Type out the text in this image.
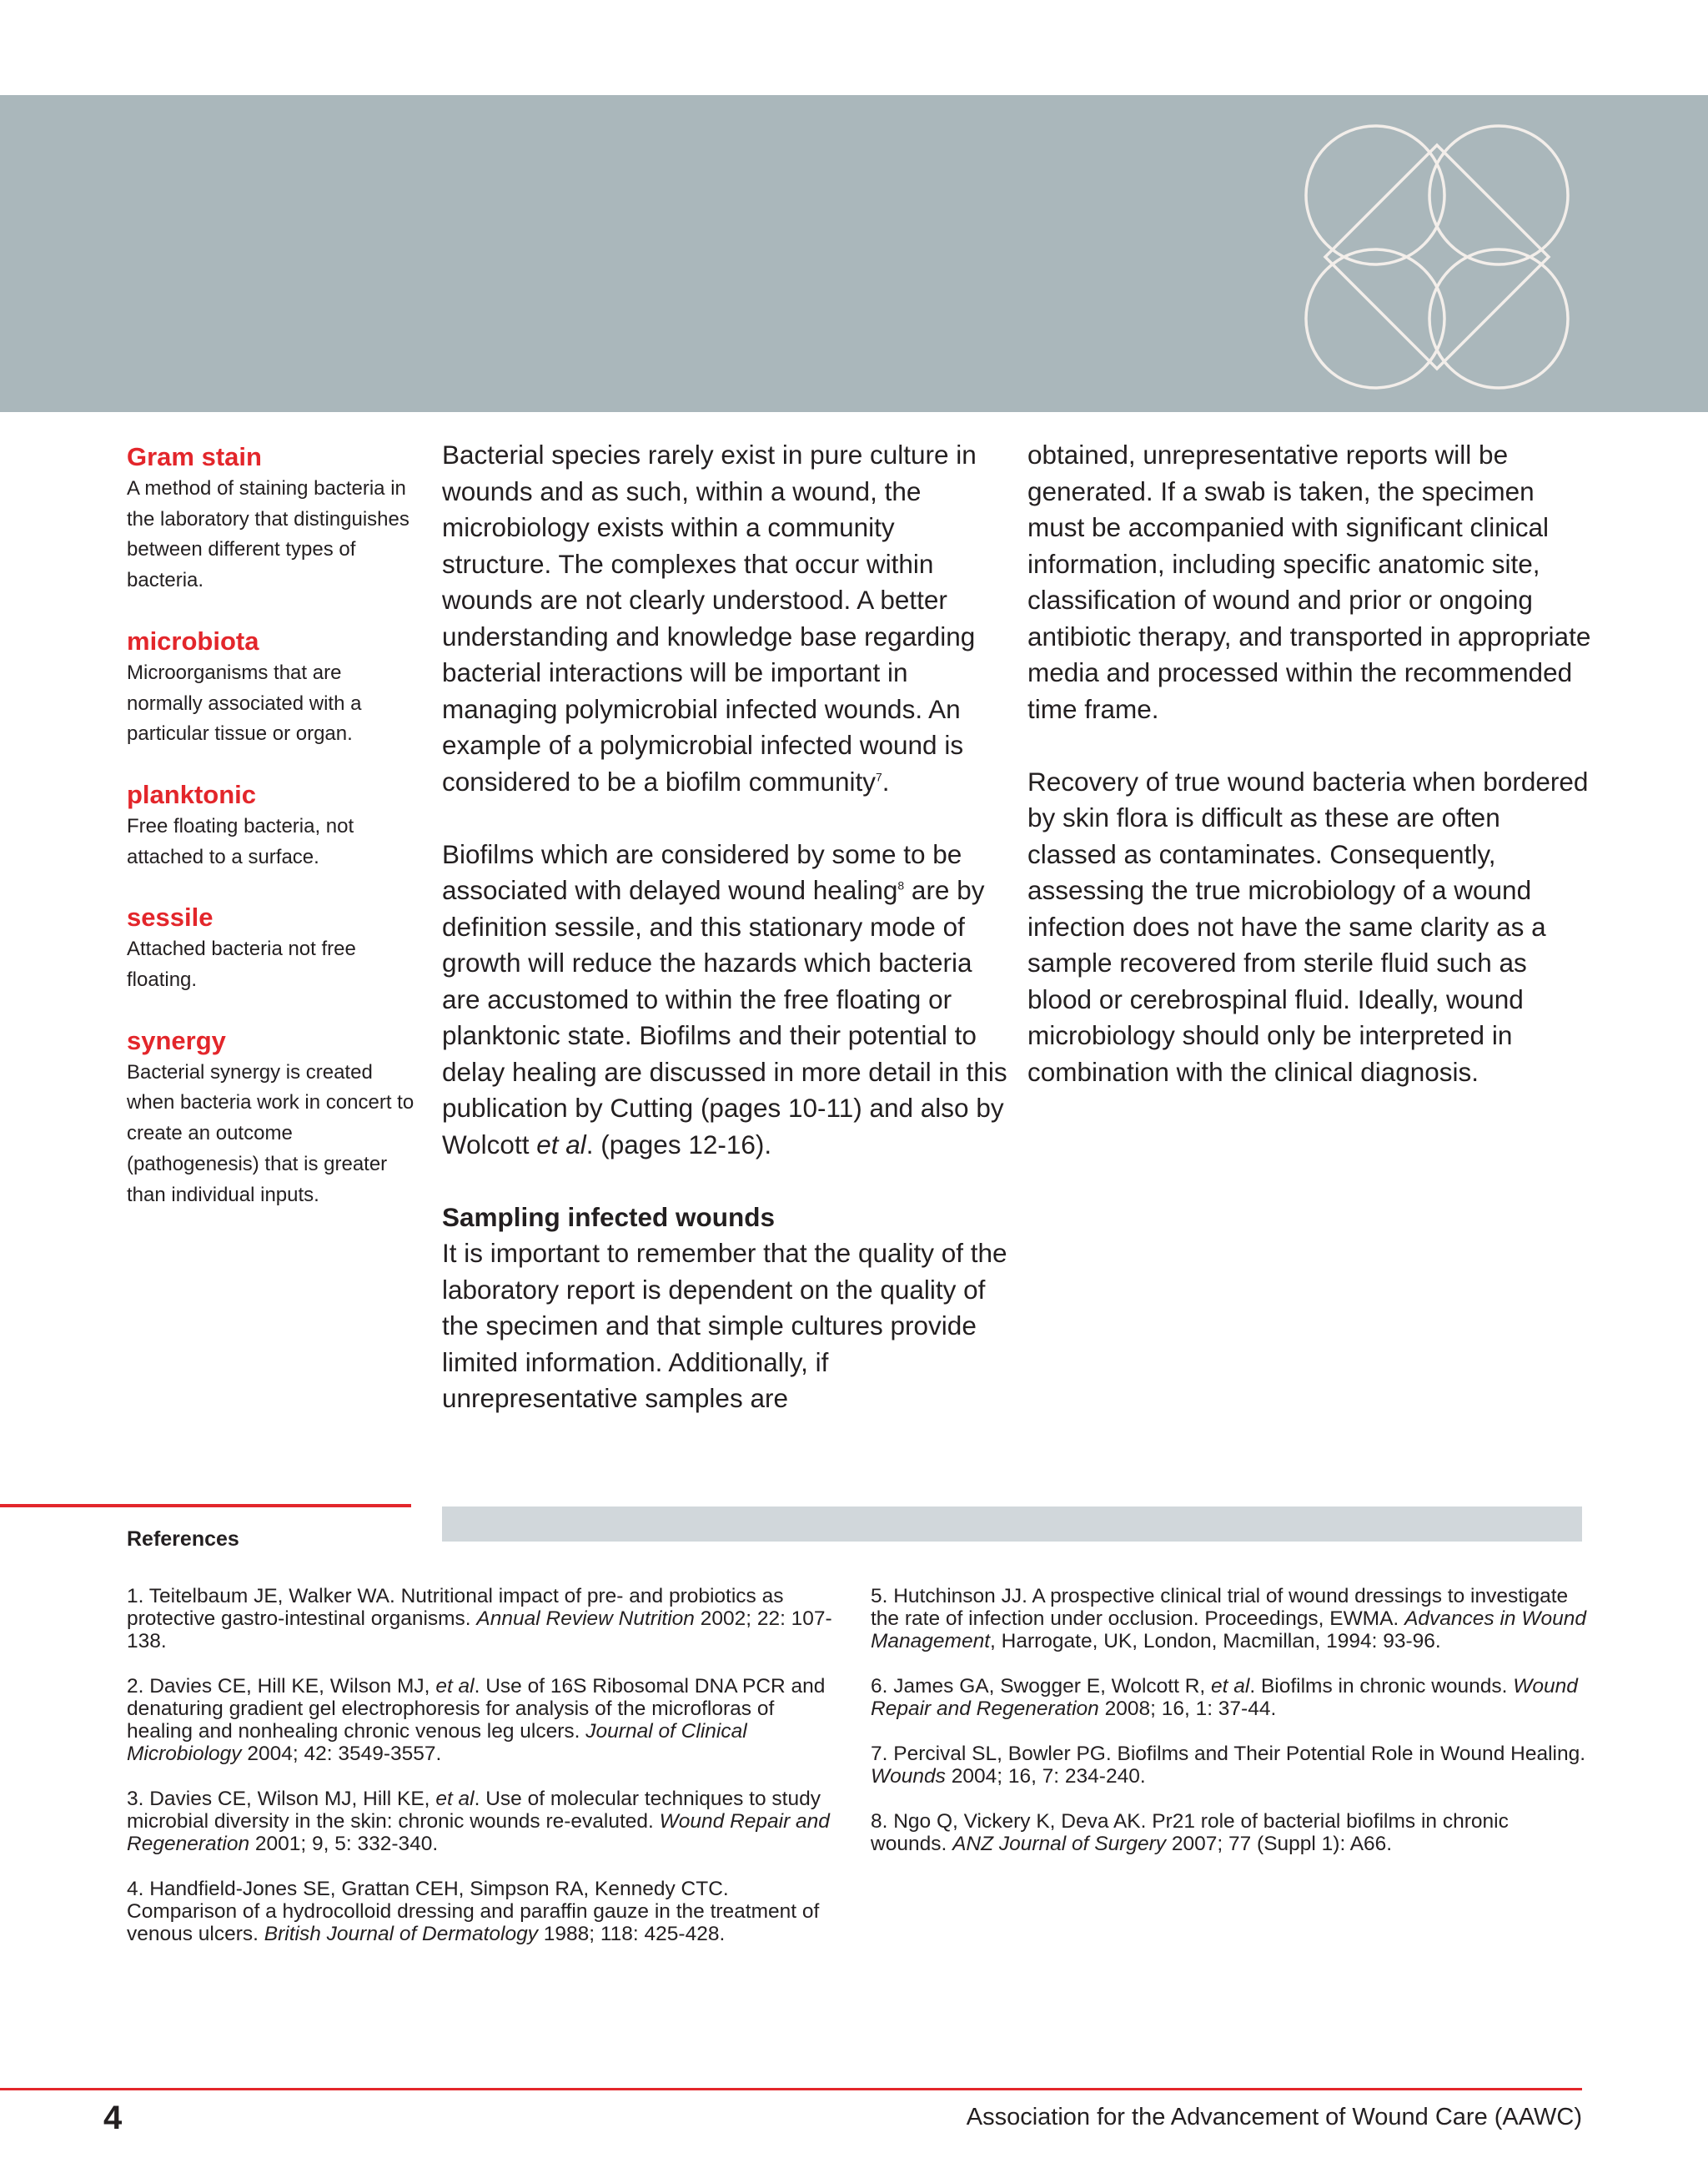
Gram stain

A method of staining bacteria in the laboratory that distinguishes between different types of bacteria.

microbiota

Microorganisms that are normally associated with a particular tissue or organ.

planktonic

Free floating bacteria, not attached to a surface.

sessile

Attached bacteria not free floating.

synergy

Bacterial synergy is created when bacteria work in concert to create an outcome (pathogenesis) that is greater than individual inputs.

Bacterial species rarely exist in pure culture in wounds and as such, within a wound, the microbiology exists within a community structure. The complexes that occur within wounds are not clearly understood. A better understanding and knowledge base regarding bacterial interactions will be important in managing polymicrobial infected wounds. An example of a polymicrobial infected wound is considered to be a biofilm community$^7$.

Biofilms which are considered by some to be associated with delayed wound healing$^8$ are by definition sessile, and this stationary mode of growth will reduce the hazards which bacteria are accustomed to within the free floating or planktonic state. Biofilms and their potential to delay healing are discussed in more detail in this publication by Cutting (pages 10-11) and also by Wolcott et al. (pages 12-16).

Sampling infected wounds

It is important to remember that the quality of the laboratory report is dependent on the quality of the specimen and that simple cultures provide limited information. Additionally, if unrepresentative samples are

obtained, unrepresentative reports will be generated. If a swab is taken, the specimen must be accompanied with significant clinical information, including specific anatomic site, classification of wound and prior or ongoing antibiotic therapy, and transported in appropriate media and processed within the recommended time frame.

Recovery of true wound bacteria when bordered by skin flora is difficult as these are often classed as contaminates. Consequently, assessing the true microbiology of a wound infection does not have the same clarity as a sample recovered from sterile fluid such as blood or cerebrospinal fluid. Ideally, wound microbiology should only be interpreted in combination with the clinical diagnosis.

References

1. Teitelbaum JE, Walker WA. Nutritional impact of pre- and probiotics as protective gastro-intestinal organisms. Annual Review Nutrition 2002; 22: 107-138.

2. Davies CE, Hill KE, Wilson MJ, et al. Use of 16S Ribosomal DNA PCR and denaturing gradient gel electrophoresis for analysis of the microfloras of healing and nonhealing chronic venous leg ulcers. Journal of Clinical Microbiology 2004; 42: 3549-3557.

3. Davies CE, Wilson MJ, Hill KE, et al. Use of molecular techniques to study microbial diversity in the skin: chronic wounds re-evaluted. Wound Repair and Regeneration 2001; 9, 5: 332-340.

4. Handfield-Jones SE, Grattan CEH, Simpson RA, Kennedy CTC. Comparison of a hydrocolloid dressing and paraffin gauze in the treatment of venous ulcers. British Journal of Dermatology 1988; 118: 425-428.

5. Hutchinson JJ. A prospective clinical trial of wound dressings to investigate the rate of infection under occlusion. Proceedings, EWMA. Advances in Wound Management, Harrogate, UK, London, Macmillan, 1994: 93-96.

6. James GA, Swogger E, Wolcott R, et al. Biofilms in chronic wounds. Wound Repair and Regeneration 2008; 16, 1: 37-44.

7. Percival SL, Bowler PG. Biofilms and Their Potential Role in Wound Healing. Wounds 2004; 16, 7: 234-240.

8. Ngo Q, Vickery K, Deva AK. Pr21 role of bacterial biofilms in chronic wounds. ANZ Journal of Surgery 2007; 77 (Suppl 1): A66.

4	Association for the Advancement of Wound Care (AAWC)
